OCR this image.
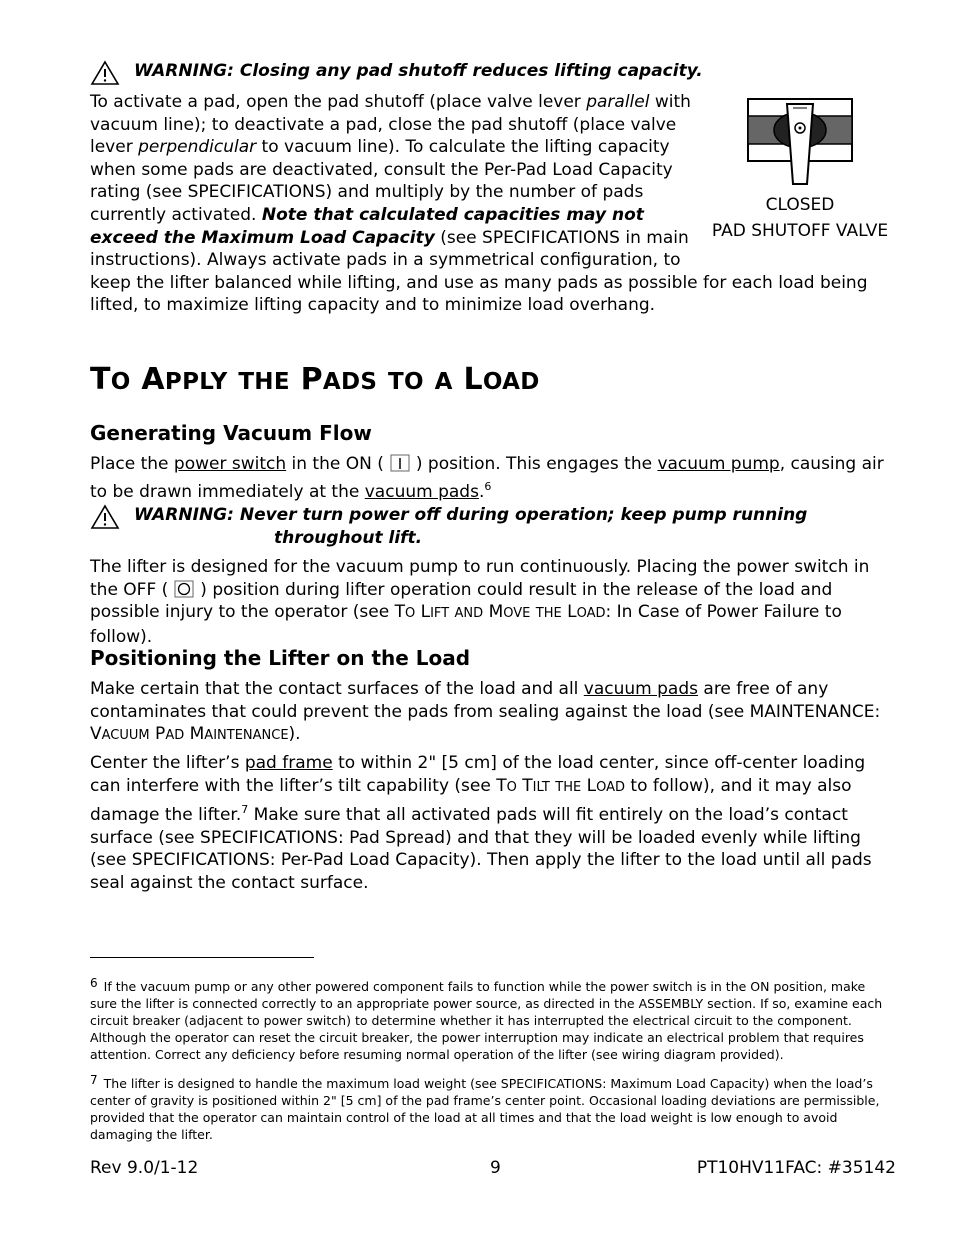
WARNING: Closing any pad shutoff reduces lifting capacity.
To activate a pad, open the pad shutoff (place valve lever parallel with vacuum line); to deactivate a pad, close the pad shutoff (place valve lever perpendicular to vacuum line). To calculate the lifting capacity when some pads are deactivated, consult the Per-Pad Load Capacity rating (see SPECIFICATIONS) and multiply by the number of pads currently activated. Note that calculated capacities may not exceed the Maximum Load Capacity (see SPECIFICATIONS in main instructions). Always activate pads in a symmetrical configuration, to keep the lifter balanced while lifting, and use as many pads as possible for each load being lifted, to maximize lifting capacity and to minimize load overhang.
CLOSED
PAD SHUTOFF VALVE
TO APPLY THE PADS TO A LOAD
Generating Vacuum Flow
Place the power switch in the ON ( ) position. This engages the vacuum pump, causing air to be drawn immediately at the vacuum pads.$^6$
WARNING: Never turn power off during operation; keep pump running
throughout lift.
The lifter is designed for the vacuum pump to run continuously. Placing the power switch in the OFF ( ) position during lifter operation could result in the release of the load and possible injury to the operator (see TO LIFT AND MOVE THE LOAD: In Case of Power Failure to follow).
Positioning the Lifter on the Load
Make certain that the contact surfaces of the load and all vacuum pads are free of any contaminates that could prevent the pads from sealing against the load (see MAINTENANCE: VACUUM PAD MAINTENANCE).
Center the lifter’s pad frame to within 2" [5 cm] of the load center, since off-center loading can interfere with the lifter’s tilt capability (see TO TILT THE LOAD to follow), and it may also damage the lifter.$^7$ Make sure that all activated pads will fit entirely on the load’s contact surface (see SPECIFICATIONS: Pad Spread) and that they will be loaded evenly while lifting (see SPECIFICATIONS: Per-Pad Load Capacity). Then apply the lifter to the load until all pads seal against the contact surface.
$^6$ If the vacuum pump or any other powered component fails to function while the power switch is in the ON position, make sure the lifter is connected correctly to an appropriate power source, as directed in the ASSEMBLY section. If so, examine each circuit breaker (adjacent to power switch) to determine whether it has interrupted the electrical circuit to the component. Although the operator can reset the circuit breaker, the power interruption may indicate an electrical problem that requires attention. Correct any deficiency before resuming normal operation of the lifter (see wiring diagram provided).
$^7$ The lifter is designed to handle the maximum load weight (see SPECIFICATIONS: Maximum Load Capacity) when the load’s center of gravity is positioned within 2" [5 cm] of the pad frame’s center point. Occasional loading deviations are permissible, provided that the operator can maintain control of the load at all times and that the load weight is low enough to avoid damaging the lifter.
Rev 9.0/1-12	9	PT10HV11FAC: #35142
